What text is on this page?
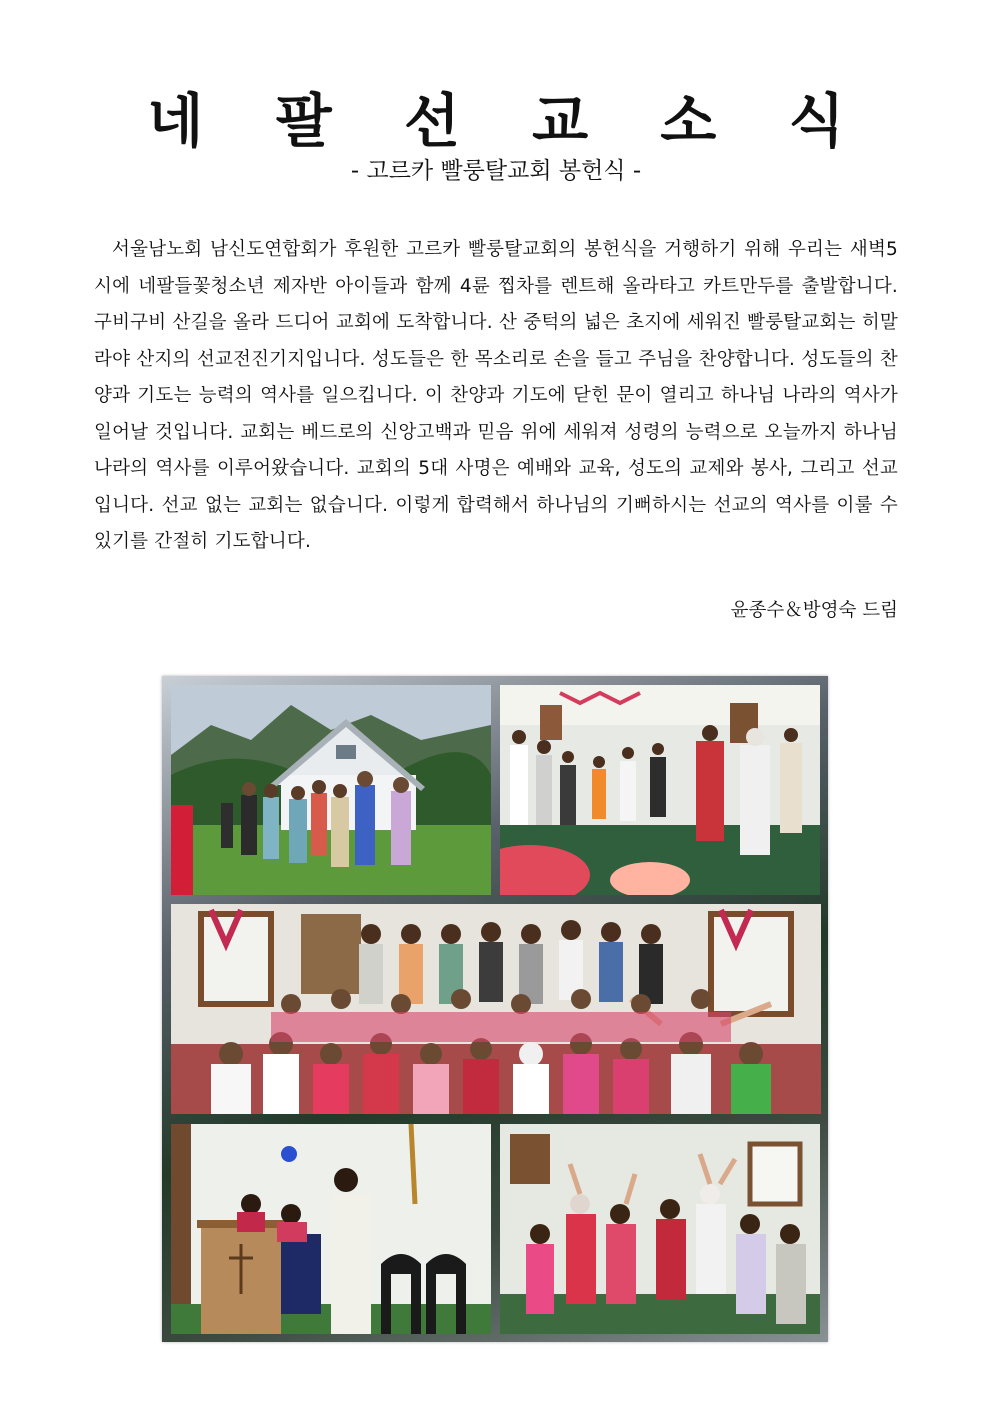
네 팔 선 교 소 식
- 고르카 빨룽탈교회 봉헌식 -

서울남노회 남신도연합회가 후원한 고르카 빨룽탈교회의 봉헌식을 거행하기 위해 우리는 새벽5시에 네팔들꽃청소년 제자반 아이들과 함께 4륜 찝차를 렌트해 올라타고 카트만두를 출발합니다. 구비구비 산길을 올라 드디어 교회에 도착합니다. 산 중턱의 넓은 초지에 세워진 빨룽탈교회는 히말라야 산지의 선교전진기지입니다. 성도들은 한 목소리로 손을 들고 주님을 찬양합니다. 성도들의 찬양과 기도는 능력의 역사를 일으킵니다. 이 찬양과 기도에 닫힌 문이 열리고 하나님 나라의 역사가 일어날 것입니다. 교회는 베드로의 신앙고백과 믿음 위에 세워져 성령의 능력으로 오늘까지 하나님 나라의 역사를 이루어왔습니다. 교회의 5대 사명은 예배와 교육, 성도의 교제와 봉사, 그리고 선교입니다. 선교 없는 교회는 없습니다. 이렇게 합력해서 하나님의 기뻐하시는 선교의 역사를 이룰 수 있기를 간절히 기도합니다.

윤종수＆방영숙 드림
